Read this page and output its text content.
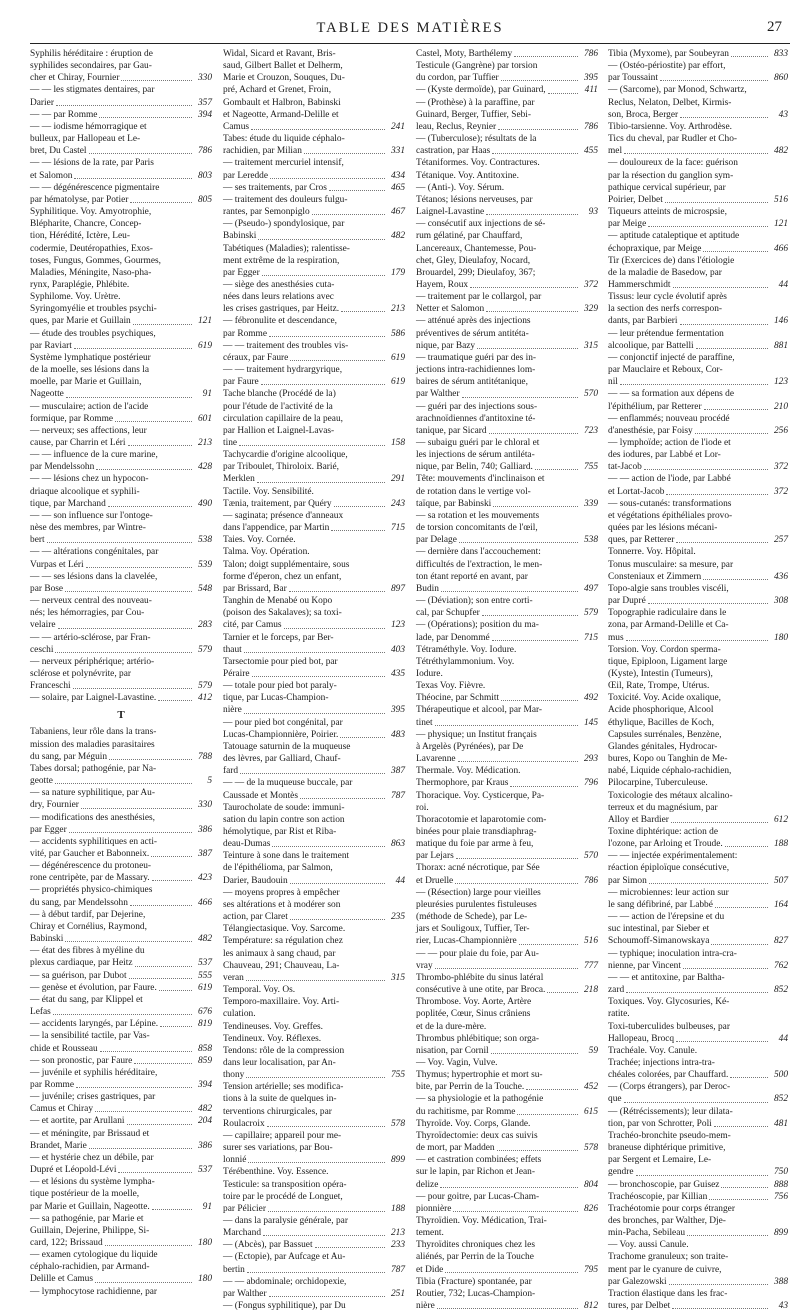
TABLE DES MATIÈRES	27
Syphilis héréditaire : éruption de
syphilides secondaires, par Gau-
cher et Chiray, Fournier	330
— — les stigmates dentaires, par
Darier	357
— — par Romme	394
— — iodisme hémorragique et
bulleux, par Hallopeau et Le-
bret, Du Castel	786
— — lésions de la rate, par Paris
et Salomon	803
— — dégénérescence pigmentaire
par hématolyse, par Potier	805
Syphilitique. Voy. Amyotrophie,
Blépharite, Chancre, Concep-
tion, Hérédité, Ictère, Leu-
codermie, Deutéropathies, Exos-
toses, Fungus, Gommes, Gourmes,
Maladies, Méningite, Naso-pha-
rynx, Paraplégie, Phlébite.
Syphilome. Voy. Urètre.
Syringomyélie et troubles psychi-
ques, par Marie et Guillain	121
— étude des troubles psychiques,
par Raviart	619
Système lymphatique postérieur
de la moelle, ses lésions dans la
moelle, par Marie et Guillain,
Nageotte	91
— musculaire; action de l'acide
formique, par Romme	601
— nerveux; ses affections, leur
cause, par Charrin et Léri	213
— — influence de la cure marine,
par Mendelssohn	428
— — lésions chez un hypocon-
driaque alcoolique et syphili-
tique, par Marchand	490
— — son influence sur l'ontoge-
nèse des membres, par Wintre-
bert	538
— — altérations congénitales, par
Vurpas et Léri	539
— — ses lésions dans la clavelée,
par Bose	548
— nerveux central des nouveau-
nés; les hémorragies, par Cou-
velaire	283
— — artério-sclérose, par Fran-
ceschi	579
— nerveux périphérique; artério-
sclérose et polynévrite, par
Franceschi	579
— solaire, par Laignel-Lavastine.	412
T
Tabaniens, leur rôle dans la trans-
mission des maladies parasitaires
du sang, par Méguin	788
Tabes dorsal; pathogénie, par Na-
geotte	5
— sa nature syphilitique, par Au-
dry, Fournier	330
— modifications des anesthésies,
par Egger	386
— accidents syphilitiques en acti-
vité, par Gaucher et Babonneix.	387
— dégénérescence du protoneu-
rone centripète, par de Massary.	423
— propriétés physico-chimiques
du sang, par Mendelssohn	466
— à début tardif, par Dejerine,
Chiray et Cornélius, Raymond,
Babinski	482
— état des fibres à myéline du
plexus cardiaque, par Heitz	537
— sa guérison, par Dubot	555
— genèse et évolution, par Faure.	619
— état du sang, par Klippel et
Lefas	676
— accidents laryngés, par Lépine.	819
— la sensibilité tactile, par Vas-
chide et Rousseau	858
— son pronostic, par Faure	859
— juvénile et syphilis héréditaire,
par Romme	394
— juvénile; crises gastriques, par
Camus et Chiray	482
— et aortite, par Arullani	204
— et méningite, par Brissaud et
Brandet, Marie	386
— et hystérie chez un débile, par
Dupré et Léopold-Lévi	537
— et lésions du système lympha-
tique postérieur de la moelle,
par Marie et Guillain, Nageotte.	91
— sa pathogénie, par Marie et
Guillain, Dejerine, Philippe, Si-
card, 122; Brissaud	180
— examen cytologique du liquide
céphalo-rachidien, par Armand-
Delille et Camus	180
— lymphocytose rachidienne, par
Widal, Sicard et Ravant, Bris-
saud, Gilbert Ballet et Delherm,
Marie et Crouzon, Souques, Du-
pré, Achard et Grenet, Froin,
Gombault et Halbron, Babinski
et Nageotte, Armand-Delille et
Camus	241
Tabes: étude du liquide céphalo-
rachidien, par Milian	331
— traitement mercuriel intensif,
par Leredde	434
— ses traitements, par Cros	465
— traitement des douleurs fulgu-
rantes, par Semonpiglo	467
— (Pseudo-) spondylosique, par
Babinski	482
Tabétiques (Maladies); ralentisse-
ment extrême de la respiration,
par Egger	179
— siège des anesthésies cuta-
nées dans leurs relations avec
les crises gastriques, par Heitz.	213
— fébronulite et descendance,
par Romme	586
— — traitement des troubles vis-
céraux, par Faure	619
— — traitement hydrargyrique,
par Faure	619
Tache blanche (Procédé de la)
pour l'étude de l'activité de la
circulation capillaire de la peau,
par Hallion et Laignel-Lavas-
tine	158
Tachycardie d'origine alcoolique,
par Triboulet, Thiroloix. Barié,
Merklen	291
Tactile. Voy. Sensibilité.
Tænia, traitement, par Quéry	243
— saginata; présence d'anneaux
dans l'appendice, par Martin	715
Taies. Voy. Cornée.
Talma. Voy. Opération.
Talon; doigt supplémentaire, sous
forme d'éperon, chez un enfant,
par Brissard, Bar	897
Tanghin de Menabé ou Kopo
(poison des Sakalaves); sa toxi-
cité, par Camus	123
Tarnier et le forceps, par Ber-
thaut	403
Tarsectomie pour pied bot, par
Péraire	435
— totale pour pied bot paraly-
tique, par Lucas-Champion-
nière	395
— pour pied bot congénital, par
Lucas-Championnière, Poirier.	483
Tatouage saturnin de la muqueuse
des lèvres, par Galliard, Chauf-
fard	387
— — de la muqueuse buccale, par
Caussade et Montès	787
Taurocholate de soude: immuni-
sation du lapin contre son action
hémolytique, par Rist et Riba-
deau-Dumas	863
Teinture à sone dans le traitement
de l'épithélioma, par Salmon,
Darier, Baudouin	44
— moyens propres à empêcher
ses altérations et à modérer son
action, par Claret	235
Télangiectasique. Voy. Sarcome.
Température: sa régulation chez
les animaux à sang chaud, par
Chauveau, 291; Chauveau, La-
veran	315
Temporal. Voy. Os.
Temporo-maxillaire. Voy. Arti-
culation.
Tendineuses. Voy. Greffes.
Tendineux. Voy. Réflexes.
Tendons: rôle de la compression
dans leur localisation, par An-
thony	755
Tension artérielle; ses modifica-
tions à la suite de quelques in-
terventions chirurgicales, par
Roulacroix	578
— capillaire; appareil pour me-
surer ses variations, par Bou-
lonnié	899
Térébenthine. Voy. Essence.
Testicule: sa transposition opéra-
toire par le procédé de Longuet,
par Pélicier	188
— dans la paralysie générale, par
Marchand	213
— (Abcès), par Bassuet	233
— (Ectopie), par Aufcage et Au-
bertin	787
— — abdominale; orchidopexie,
par Walther	251
— (Fongus syphilitique), par Du
Castel, Moty, Barthélemy	786
Testicule (Gangrène) par torsion
du cordon, par Tuffier	395
— (Kyste dermoïde), par Guinard,	411
— (Prothèse) à la paraffine, par
Guinard, Berger, Tuffier, Sebi-
leau, Reclus, Reynier	786
— (Tuberculose); résultats de la
castration, par Haas	455
Tétaniformes. Voy. Contractures.
Tétanique. Voy. Antitoxine.
— (Anti-). Voy. Sérum.
Tétanos; lésions nerveuses, par
Laignel-Lavastine	93
— consécutif aux injections de sé-
rum gélatiné, par Chauffard,
Lancereaux, Chantemesse, Pou-
chet, Gley, Dieulafoy, Nocard,
Brouardel, 299; Dieulafoy, 367;
Hayem, Roux	372
— traitement par le collargol, par
Netter et Salomon	329
— atténué après des injections
préventives de sérum antitéta-
nique, par Bazy	315
— traumatique guéri par des in-
jections intra-rachidiennes lom-
baires de sérum antitétanique,
par Walther	570
— guéri par des injections sous-
arachnoïdiennes d'antitoxine té-
tanique, par Sicard	723
— subaigu guéri par le chloral et
les injections de sérum antiléta-
nique, par Belin, 740; Galliard.	755
Tête: mouvements d'inclinaison et
de rotation dans le vertige vol-
taïque, par Babinski	339
— sa rotation et les mouvements
de torsion concomitants de l'œil,
par Delage	538
— dernière dans l'accouchement:
difficultés de l'extraction, le men-
ton étant reporté en avant, par
Budin	497
— (Déviation); son entre corti-
cal, par Schupfer	579
— (Opérations); position du ma-
lade, par Denommé	715
Tétraméthyle. Voy. Iodure.
Tétréthylammonium. Voy.
Iodure.
Texas Voy. Fièvre.
Théocine, par Schmitt	492
Thérapeutique et alcool, par Mar-
tinet	145
— physique; un Institut français
à Argelès (Pyrénées), par De
Lavarenne	293
Thermale. Voy. Médication.
Thermophore, par Kraus	796
Thoracique. Voy. Cysticerque, Pa-
roi.
Thoracotomie et laparotomie com-
binées pour plaie transdiaphrag-
matique du foie par arme à feu,
par Lejars	570
Thorax: acné nécrotique, par Sée
et Druelle	786
— (Résection) large pour vieilles
pleurésies purulentes fistuleuses
(méthode de Schede), par Le-
jars et Souligoux, Tuffier, Ter-
rier, Lucas-Championnière	516
— — pour plaie du foie, par Au-
vray	777
Thrombo-phlébite du sinus latéral
consécutive à une otite, par Broca.	218
Thrombose. Voy. Aorte, Artère
poplitée, Cœur, Sinus crâniens
et de la dure-mère.
Thrombus phlébitique; son orga-
nisation, par Cornil	59
— Voy. Vagin, Vulve.
Thymus; hypertrophie et mort su-
bite, par Perrin de la Touche.	452
— sa physiologie et la pathogénie
du rachitisme, par Romme	615
Thyroïde. Voy. Corps, Glande.
Thyroïdectomie: deux cas suivis
de mort, par Madden	578
— et castration combinées; effets
sur le lapin, par Richon et Jean-
delize	804
— pour goitre, par Lucas-Cham-
pionnière	826
Thyroïdien. Voy. Médication, Trai-
tement.
Thyroïdites chroniques chez les
aliénés, par Perrin de la Touche
et Dide	795
Tibia (Fracture) spontanée, par
Routier, 732; Lucas-Champion-
nière	812
Tibia (Myxome), par Soubeyran	833
— (Ostéo-périostite) par effort,
par Toussaint	860
— (Sarcome), par Monod, Schwartz,
Reclus, Nelaton, Delbet, Kirmis-
son, Broca, Berger	43
Tibio-tarsienne. Voy. Arthrodèse.
Tics du cheval, par Rudler et Cho-
mel	482
— douloureux de la face: guérison
par la résection du ganglion sym-
pathique cervical supérieur, par
Poirier, Delbet	516
Tiqueurs atteints de microspsie,
par Meige	121
— aptitude cataleptique et aptitude
échopraxique, par Meige	466
Tir (Exercices de) dans l'étiologie
de la maladie de Basedow, par
Hammerschmidt	44
Tissus: leur cycle évolutif après
la section des nerfs correspon-
dants, par Barbieri	146
— leur prétendue fermentation
alcoolique, par Battelli	881
— conjonctif injecté de paraffine,
par Mauclaire et Reboux, Cor-
nil	123
— — sa formation aux dépens de
l'épithélium, par Retterer	210
— enflammés; nouveau procédé
d'anesthésie, par Foisy	256
— lymphoïde; action de l'iode et
des iodures, par Labbé et Lor-
tat-Jacob	372
— — action de l'iode, par Labbé
et Lortat-Jacob	372
— sous-cutanés: transformations
et végétations épithéliales provo-
quées par les lésions mécani-
ques, par Retterer	257
Tonnerre. Voy. Hôpital.
Tonus musculaire: sa mesure, par
Consteniaux et Zimmern	436
Topo-algie sans troubles viscéli,
par Dupré	308
Topographie radiculaire dans le
zona, par Armand-Delille et Ca-
mus	180
Torsion. Voy. Cordon sperma-
tique, Epiploon, Ligament large
(Kyste), Intestin (Tumeurs),
Œil, Rate, Trompe, Utérus.
Toxicité. Voy. Acide oxalique,
Acide phosphorique, Alcool
éthylique, Bacilles de Koch,
Capsules surrénales, Benzène,
Glandes génitales, Hydrocar-
bures, Kopo ou Tanghin de Me-
nabé, Liquide céphalo-rachidien,
Pilocarpine, Tuberculeuse.
Toxicologie des métaux alcalino-
terreux et du magnésium, par
Alloy et Bardier	612
Toxine diphtérique: action de
l'ozone, par Arloing et Troude.	188
— — injectée expérimentalement:
réaction épiploïque consécutive,
par Simon	507
— microbiennes: leur action sur
le sang défibriné, par Labbé	164
— — action de l'érepsine et du
suc intestinal, par Sieber et
Schoumoff-Simanowskaya	827
— typhique; inoculation intra-cra-
nienne, par Vincent	762
— — et antitoxine, par Baltha-
zard	852
Toxiques. Voy. Glycosuries, Ké-
ratite.
Toxi-tuberculides bulbeuses, par
Hallopeau, Brocq	44
Trachéale. Voy. Canule.
Trachée; injections intra-tra-
chéales colorées, par Chauffard.	500
— (Corps étrangers), par Deroc-
que	852
— (Rétrécissements); leur dilata-
tion, par von Schrotter, Poli	481
Trachéo-bronchite pseudo-mem-
braneuse diphtérique primitive,
par Sergent et Lemaire, Le-
gendre	750
— bronchoscopie, par Guisez	888
Trachéoscopie, par Killian	756
Trachéotomie pour corps étranger
des bronches, par Walther, Dje-
min-Pacha, Sebileau	899
— Voy. aussi Canule.
Trachome granuleux; son traite-
ment par le cyanure de cuivre,
par Galezowski	388
Traction élastique dans les frac-
tures, par Delbet	43
